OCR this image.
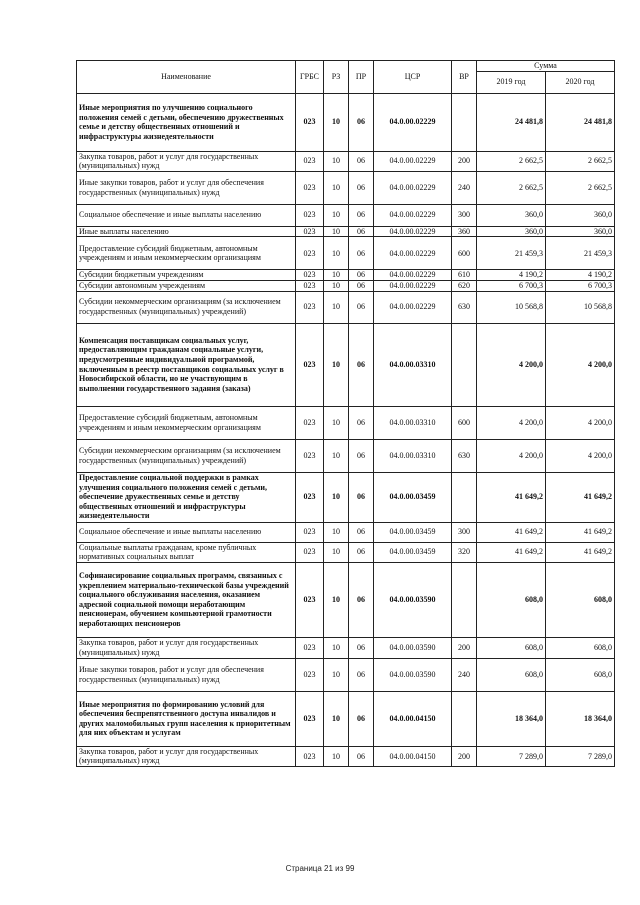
Наименование	ГРБС	РЗ	ПР	ЦСР	ВР	Сумма	
						2019 год	2020 год
Иные мероприятия по улучшению социального положения семей с детьми, обеспечению дружественных семье и детству общественных отношений и инфраструктуры жизнедеятельности	023	10	06	04.0.00.02229		24 481,8	24 481,8
Закупка товаров, работ и услуг для государственных (муниципальных) нужд	023	10	06	04.0.00.02229	200	2 662,5	2 662,5
Иные закупки товаров, работ и услуг для обеспечения государственных (муниципальных) нужд	023	10	06	04.0.00.02229	240	2 662,5	2 662,5
Социальное обеспечение и иные выплаты населению	023	10	06	04.0.00.02229	300	360,0	360,0
Иные выплаты населению	023	10	06	04.0.00.02229	360	360,0	360,0
Предоставление субсидий бюджетным, автономным учреждениям и иным некоммерческим организациям	023	10	06	04.0.00.02229	600	21 459,3	21 459,3
Субсидии бюджетным учреждениям	023	10	06	04.0.00.02229	610	4 190,2	4 190,2
Субсидии автономным учреждениям	023	10	06	04.0.00.02229	620	6 700,3	6 700,3
Субсидии некоммерческим организациям (за исключением государственных (муниципальных) учреждений)	023	10	06	04.0.00.02229	630	10 568,8	10 568,8
Компенсация поставщикам социальных услуг, предоставляющим гражданам социальные услуги, предусмотренные индивидуальной программой, включенным в реестр поставщиков социальных услуг в Новосибирской области, но не участвующим в выполнении государственного задания (заказа)	023	10	06	04.0.00.03310		4 200,0	4 200,0
Предоставление субсидий бюджетным, автономным учреждениям и иным некоммерческим организациям	023	10	06	04.0.00.03310	600	4 200,0	4 200,0
Субсидии некоммерческим организациям (за исключением государственных (муниципальных) учреждений)	023	10	06	04.0.00.03310	630	4 200,0	4 200,0
Предоставление социальной поддержки в рамках улучшения социального положения семей с детьми, обеспечение дружественных семье и детству общественных отношений и инфраструктуры жизнедеятельности	023	10	06	04.0.00.03459		41 649,2	41 649,2
Социальное обеспечение и иные выплаты населению	023	10	06	04.0.00.03459	300	41 649,2	41 649,2
Социальные выплаты гражданам, кроме публичных нормативных социальных выплат	023	10	06	04.0.00.03459	320	41 649,2	41 649,2
Софинансирование социальных программ, связанных с укреплением материально-технической базы учреждений социального обслуживания населения, оказанием адресной социальной помощи неработающим пенсионерам, обучением компьютерной грамотности неработающих пенсионеров	023	10	06	04.0.00.03590		608,0	608,0
Закупка товаров, работ и услуг для государственных (муниципальных) нужд	023	10	06	04.0.00.03590	200	608,0	608,0
Иные закупки товаров, работ и услуг для обеспечения государственных (муниципальных) нужд	023	10	06	04.0.00.03590	240	608,0	608,0
Иные мероприятия по формированию условий для обеспечения беспрепятственного доступа инвалидов и других маломобильных групп населения к приоритетным для них объектам и услугам	023	10	06	04.0.00.04150		18 364,0	18 364,0
Закупка товаров, работ и услуг для государственных (муниципальных) нужд	023	10	06	04.0.00.04150	200	7 289,0	7 289,0
Страница 21 из 99
